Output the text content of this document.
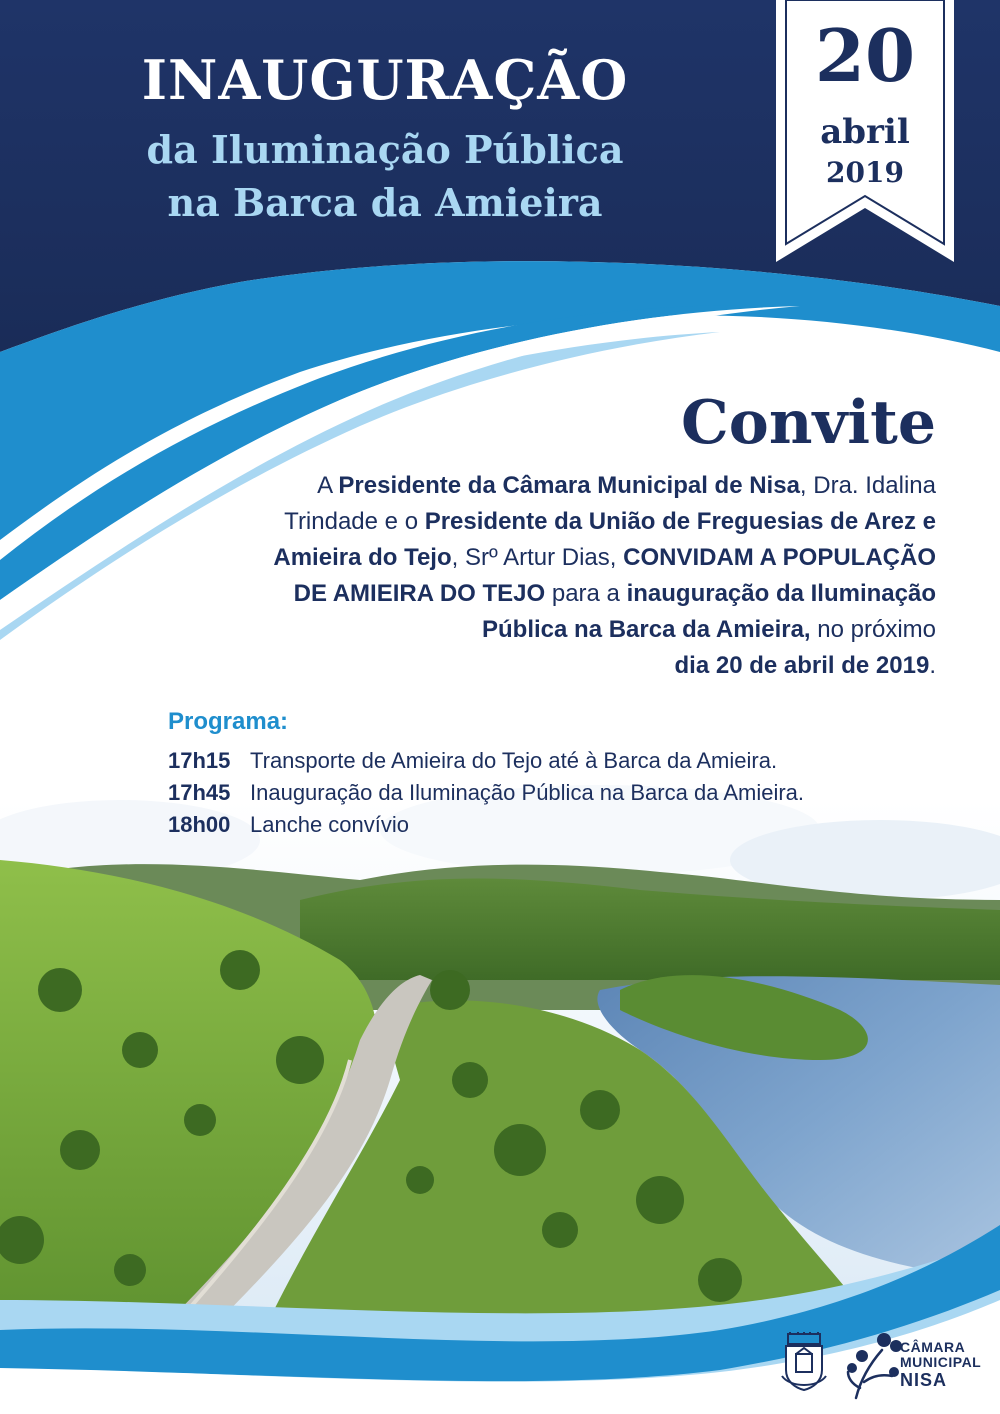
INAUGURAÇÃO
da Iluminação Pública
na Barca da Amieira
20
abril
2019
Convite
A Presidente da Câmara Municipal de Nisa, Dra. Idalina Trindade e o Presidente da União de Freguesias de Arez e Amieira do Tejo, Srº Artur Dias, CONVIDAM A POPULAÇÃO DE AMIEIRA DO TEJO para a inauguração da Iluminação Pública na Barca da Amieira, no próximo
dia 20 de abril de 2019.
Programa:
17h15 Transporte de Amieira do Tejo até à Barca da Amieira.
17h45 Inauguração da Iluminação Pública na Barca da Amieira.
18h00 Lanche convívio
CÂMARA
MUNICIPAL
NISA
